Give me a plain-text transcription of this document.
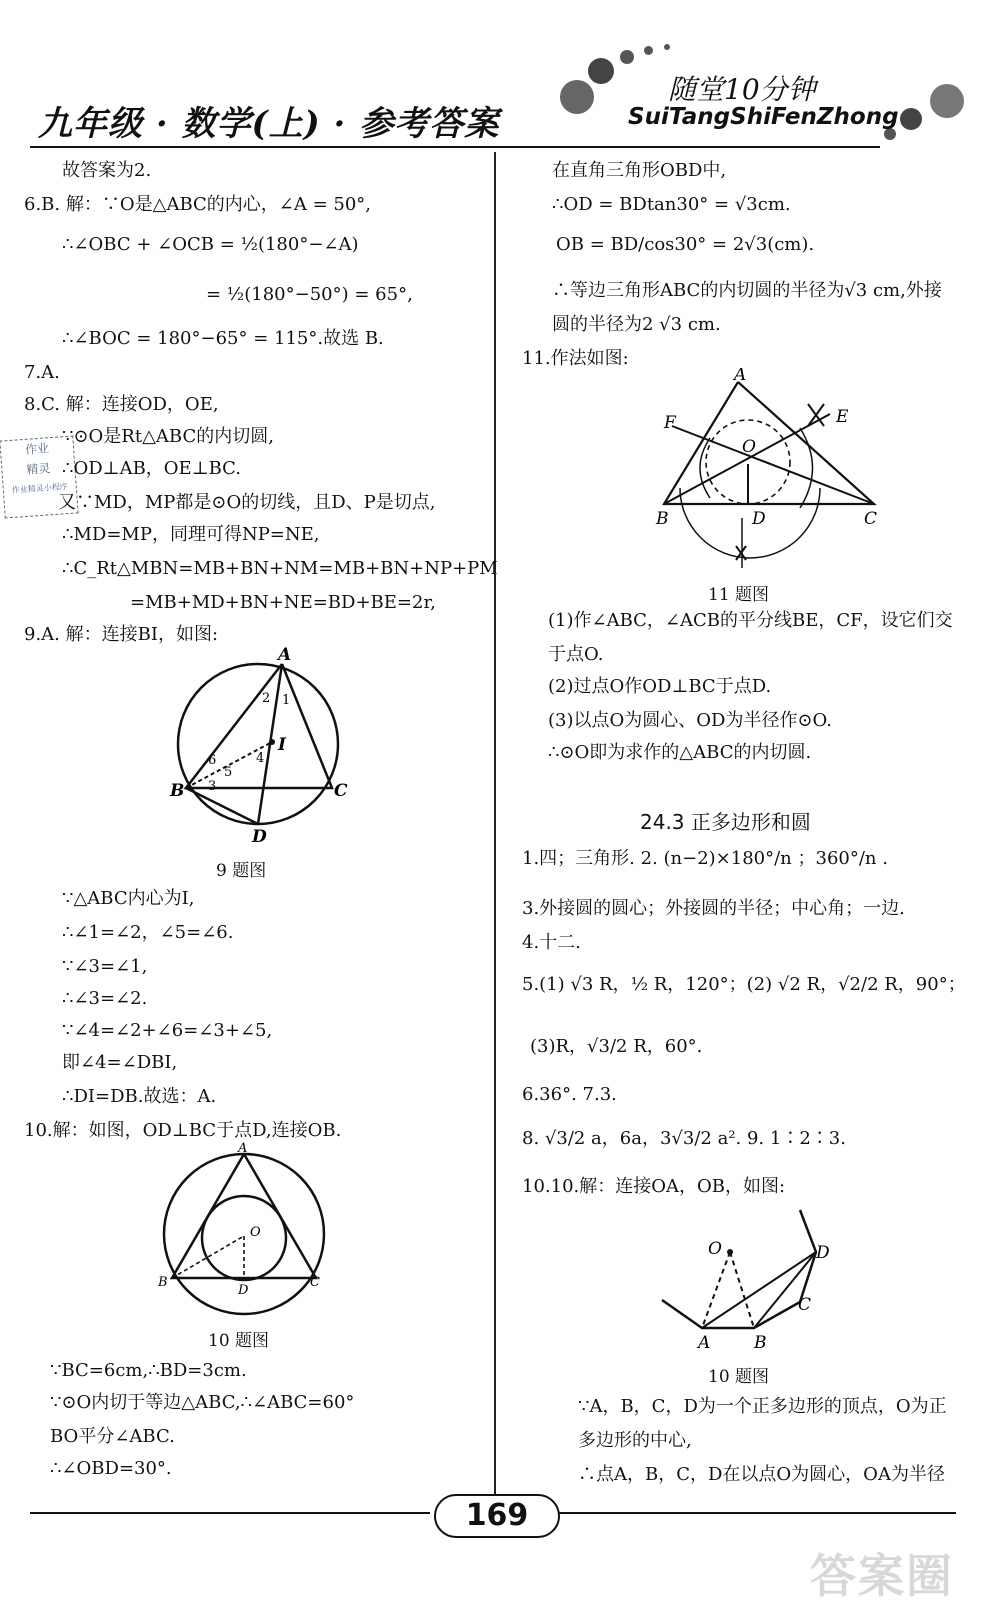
九年级 · 数学(上) · 参考答案
随堂10分钟
SuiTangShiFenZhong
作业
精灵
作业精灵小程序
故答案为2.
6.B. 解：∵O是△ABC的内心，∠A = 50°,
∴∠OBC + ∠OCB = ½(180°−∠A)
= ½(180°−50°) = 65°,
∴∠BOC = 180°−65° = 115°.故选 B.
7.A.
8.C. 解：连接OD，OE,
∵⊙O是Rt△ABC的内切圆,
∴OD⊥AB，OE⊥BC.
又∵MD，MP都是⊙O的切线，且D、P是切点,
∴MD=MP，同理可得NP=NE,
∴C_Rt△MBN=MB+BN+NM=MB+BN+NP+PM
=MB+MD+BN+NE=BD+BE=2r,
9.A. 解：连接BI，如图:
A
B	C
D
I
1
2
3
4
5
6
9 题图
∵△ABC内心为I,
∴∠1=∠2，∠5=∠6.
∵∠3=∠1,
∴∠3=∠2.
∵∠4=∠2+∠6=∠3+∠5,
即∠4=∠DBI,
∴DI=DB.故选：A.
10.解：如图，OD⊥BC于点D,连接OB.
A
B	C
D
O
10 题图
∵BC=6cm,∴BD=3cm.
∵⊙O内切于等边△ABC,∴∠ABC=60°
BO平分∠ABC.
∴∠OBD=30°.
在直角三角形OBD中,
∴OD = BDtan30° = √3cm.
OB = BD/cos30° = 2√3(cm).
∴等边三角形ABC的内切圆的半径为√3 cm,外接
圆的半径为2 √3 cm.
11.作法如图:
A
B	C
D
E
F
O
11 题图
(1)作∠ABC，∠ACB的平分线BE，CF，设它们交
于点O.
(2)过点O作OD⊥BC于点D.
(3)以点O为圆心、OD为半径作⊙O.
∴⊙O即为求作的△ABC的内切圆.
24.3 正多边形和圆
1.四；三角形. 2. (n−2)×180°/n ；360°/n .
3.外接圆的圆心；外接圆的半径；中心角；一边.
4.十二.
5.(1) √3 R，½ R，120°；(2) √2 R，√2/2 R，90°；
(3)R，√3/2 R，60°.
6.36°. 7.3.
8. √3/2 a，6a，3√3/2 a². 9. 1∶2∶3.
10.10.解：连接OA，OB，如图:
O
A	B
C
D
10 题图
∵A，B，C，D为一个正多边形的顶点，O为正
多边形的中心,
∴点A，B，C，D在以点O为圆心，OA为半径
169
答案圈
